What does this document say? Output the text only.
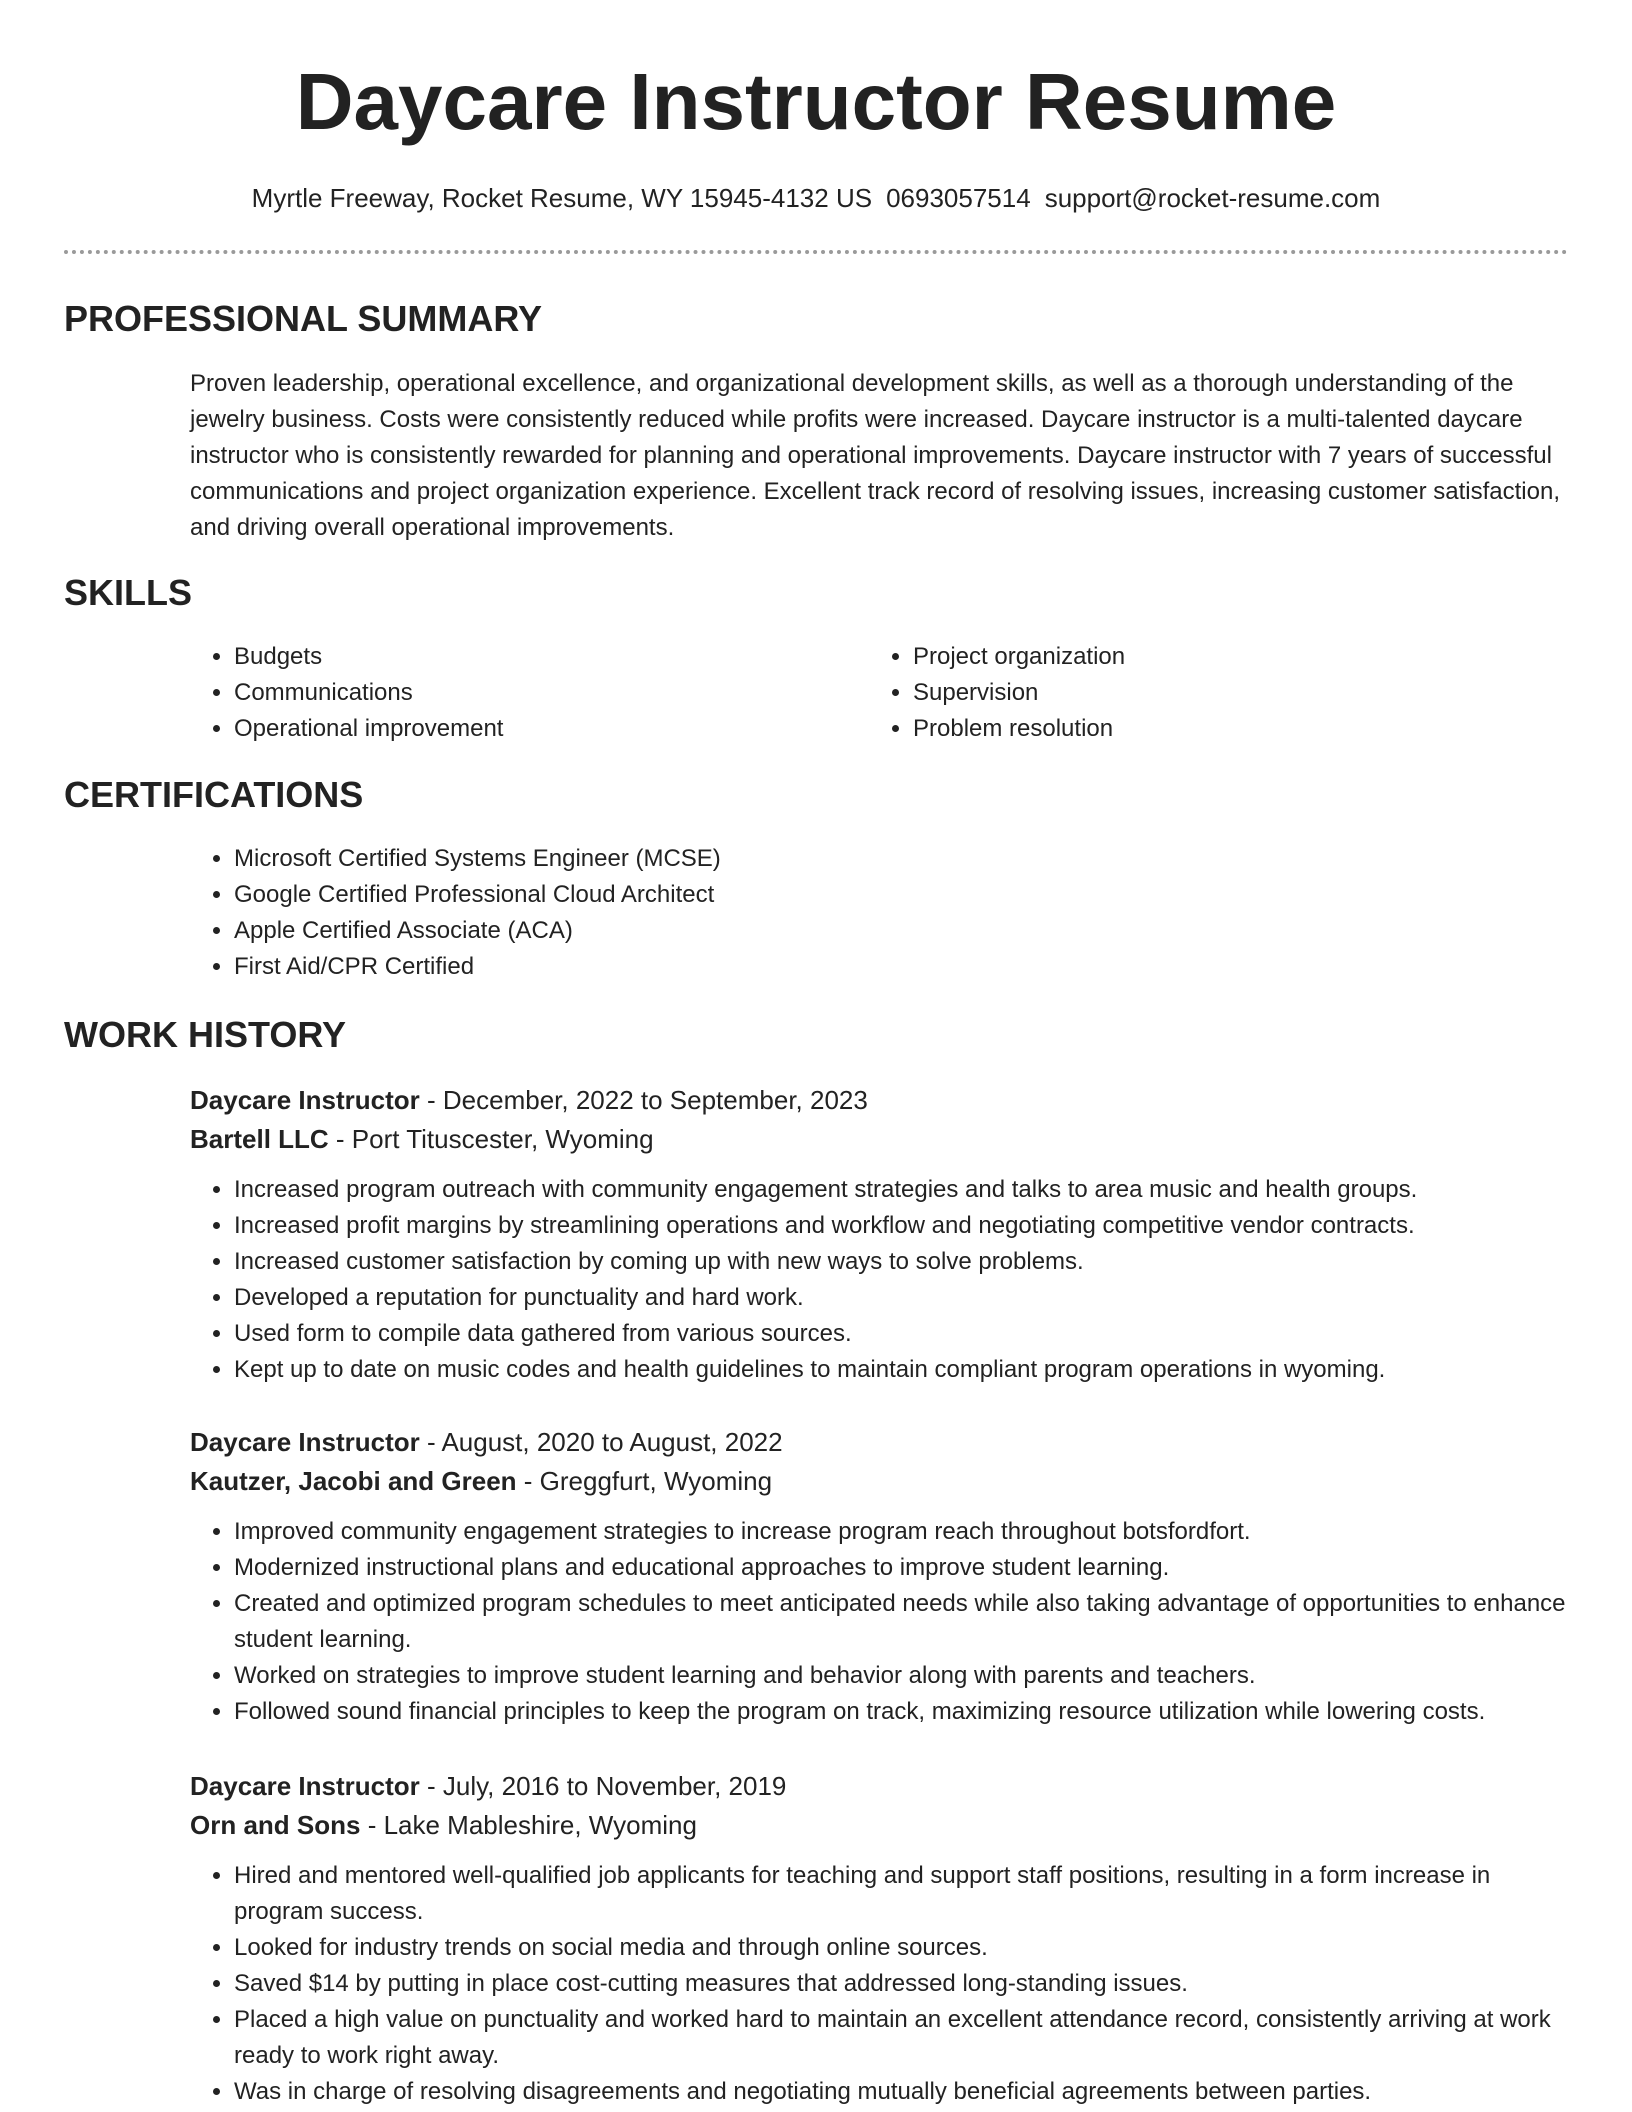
Daycare Instructor Resume
Myrtle Freeway, Rocket Resume, WY 15945-4132 US 0693057514 support@rocket-resume.com
PROFESSIONAL SUMMARY

Proven leadership, operational excellence, and organizational development skills, as well as a thorough understanding of the jewelry business. Costs were consistently reduced while profits were increased. Daycare instructor is a multi-talented daycare instructor who is consistently rewarded for planning and operational improvements. Daycare instructor with 7 years of successful communications and project organization experience. Excellent track record of resolving issues, increasing customer satisfaction, and driving overall operational improvements.

SKILLS
• Budgets
• Communications
• Operational improvement
• Project organization
• Supervision
• Problem resolution
CERTIFICATIONS
• Microsoft Certified Systems Engineer (MCSE)
• Google Certified Professional Cloud Architect
• Apple Certified Associate (ACA)
• First Aid/CPR Certified
WORK HISTORY
Daycare Instructor - December, 2022 to September, 2023
Bartell LLC - Port Tituscester, Wyoming
• Increased program outreach with community engagement strategies and talks to area music and health groups.
• Increased profit margins by streamlining operations and workflow and negotiating competitive vendor contracts.
• Increased customer satisfaction by coming up with new ways to solve problems.
• Developed a reputation for punctuality and hard work.
• Used form to compile data gathered from various sources.
• Kept up to date on music codes and health guidelines to maintain compliant program operations in wyoming.
Daycare Instructor - August, 2020 to August, 2022
Kautzer, Jacobi and Green - Greggfurt, Wyoming
• Improved community engagement strategies to increase program reach throughout botsfordfort.
• Modernized instructional plans and educational approaches to improve student learning.
• Created and optimized program schedules to meet anticipated needs while also taking advantage of opportunities to enhance student learning.
• Worked on strategies to improve student learning and behavior along with parents and teachers.
• Followed sound financial principles to keep the program on track, maximizing resource utilization while lowering costs.
Daycare Instructor - July, 2016 to November, 2019
Orn and Sons - Lake Mableshire, Wyoming
• Hired and mentored well-qualified job applicants for teaching and support staff positions, resulting in a form increase in program success.
• Looked for industry trends on social media and through online sources.
• Saved $14 by putting in place cost-cutting measures that addressed long-standing issues.
• Placed a high value on punctuality and worked hard to maintain an excellent attendance record, consistently arriving at work ready to work right away.
• Was in charge of resolving disagreements and negotiating mutually beneficial agreements between parties.
